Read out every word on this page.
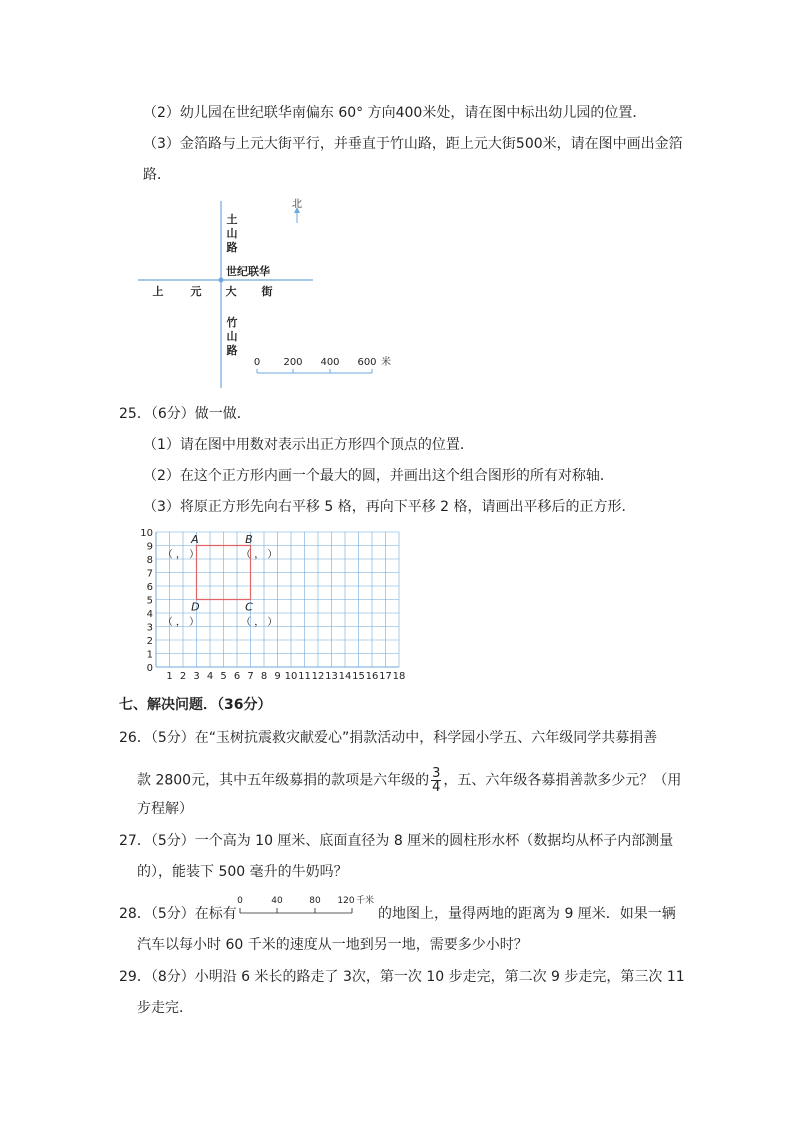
（2）幼儿园在世纪联华南偏东 60° 方向400米处，请在图中标出幼儿园的位置．
（3）金箔路与上元大街平行，并垂直于竹山路，距上元大街500米，请在图中画出金箔
路．
北
土
山
路
世纪联华
上 元 大 街
竹
山
路
0 200 400 600 米
25．（6分）做一做．
（1）请在图中用数对表示出正方形四个顶点的位置．
（2）在这个正方形内画一个最大的圆，并画出这个组合图形的所有对称轴．
（3）将原正方形先向右平移 5 格，再向下平移 2 格，请画出平移后的正方形．
0
1
2
3
4
5
6
7
8
9
10
1 2 3 4 5 6 7 8 9 10 11 12 13 14 15 16 17 18
A
（ ， ）
B
（ ， ）
D
（ ， ）
C
（ ， ）
七、解决问题．（36分）
26．（5分）在“玉树抗震救灾献爱心”捐款活动中，科学园小学五、六年级同学共募捐善
款 2800元，其中五年级募捐的款项是六年级的 $\frac{3}{4}$ ，五、六年级各募捐善款多少元？（用
方程解）
27．（5分）一个高为 10 厘米、底面直径为 8 厘米的圆柱形水杯（数据均从杯子内部测量
的），能装下 500 毫升的牛奶吗？
28．（5分）在标有
0	40	80 120 千米
的地图上，量得两地的距离为 9 厘米．如果一辆
汽车以每小时 60 千米的速度从一地到另一地，需要多少小时？
29．（8分）小明沿 6 米长的路走了 3次，第一次 10 步走完，第二次 9 步走完，第三次 11
步走完．
